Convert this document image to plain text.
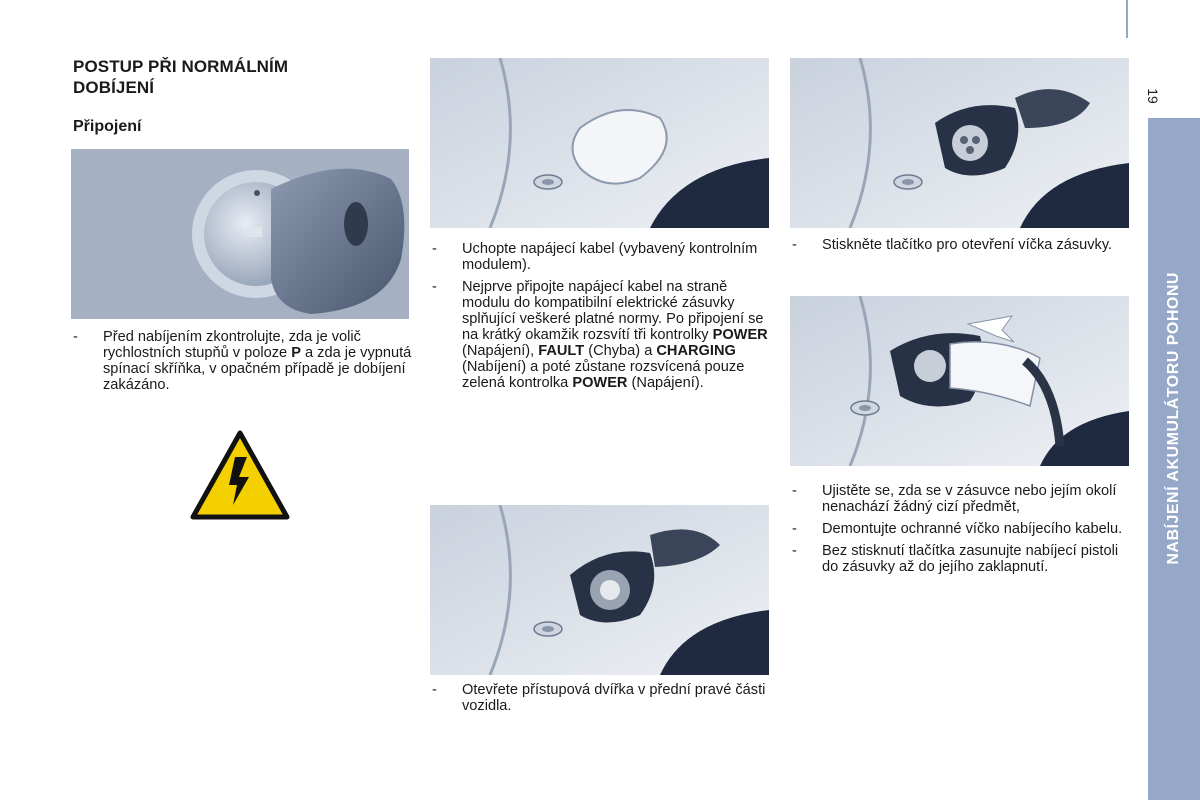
19
NABÍJENÍ AKUMULÁTORU POHONU
POSTUP PŘI NORMÁLNÍM
DOBÍJENÍ
Připojení
- Před nabíjením zkontrolujte, zda je volič rychlostních stupňů v poloze P a zda je vypnutá spínací skříňka, v opačném případě je dobíjení zakázáno.
- Uchopte napájecí kabel (vybavený kontrolním modulem).
- Nejprve připojte napájecí kabel na straně modulu do kompatibilní elektrické zásuvky splňující veškeré platné normy. Po připojení se na krátký okamžik rozsvítí tři kontrolky POWER (Napájení), FAULT (Chyba) a CHARGING (Nabíjení) a poté zůstane rozsvícená pouze zelená kontrolka POWER (Napájení).
- Otevřete přístupová dvířka v přední pravé části vozidla.
- Stiskněte tlačítko pro otevření víčka zásuvky.
- Ujistěte se, zda se v zásuvce nebo jejím okolí nenachází žádný cizí předmět,
- Demontujte ochranné víčko nabíjecího kabelu.
- Bez stisknutí tlačítka zasunujte nabíjecí pistoli do zásuvky až do jejího zaklapnutí.
